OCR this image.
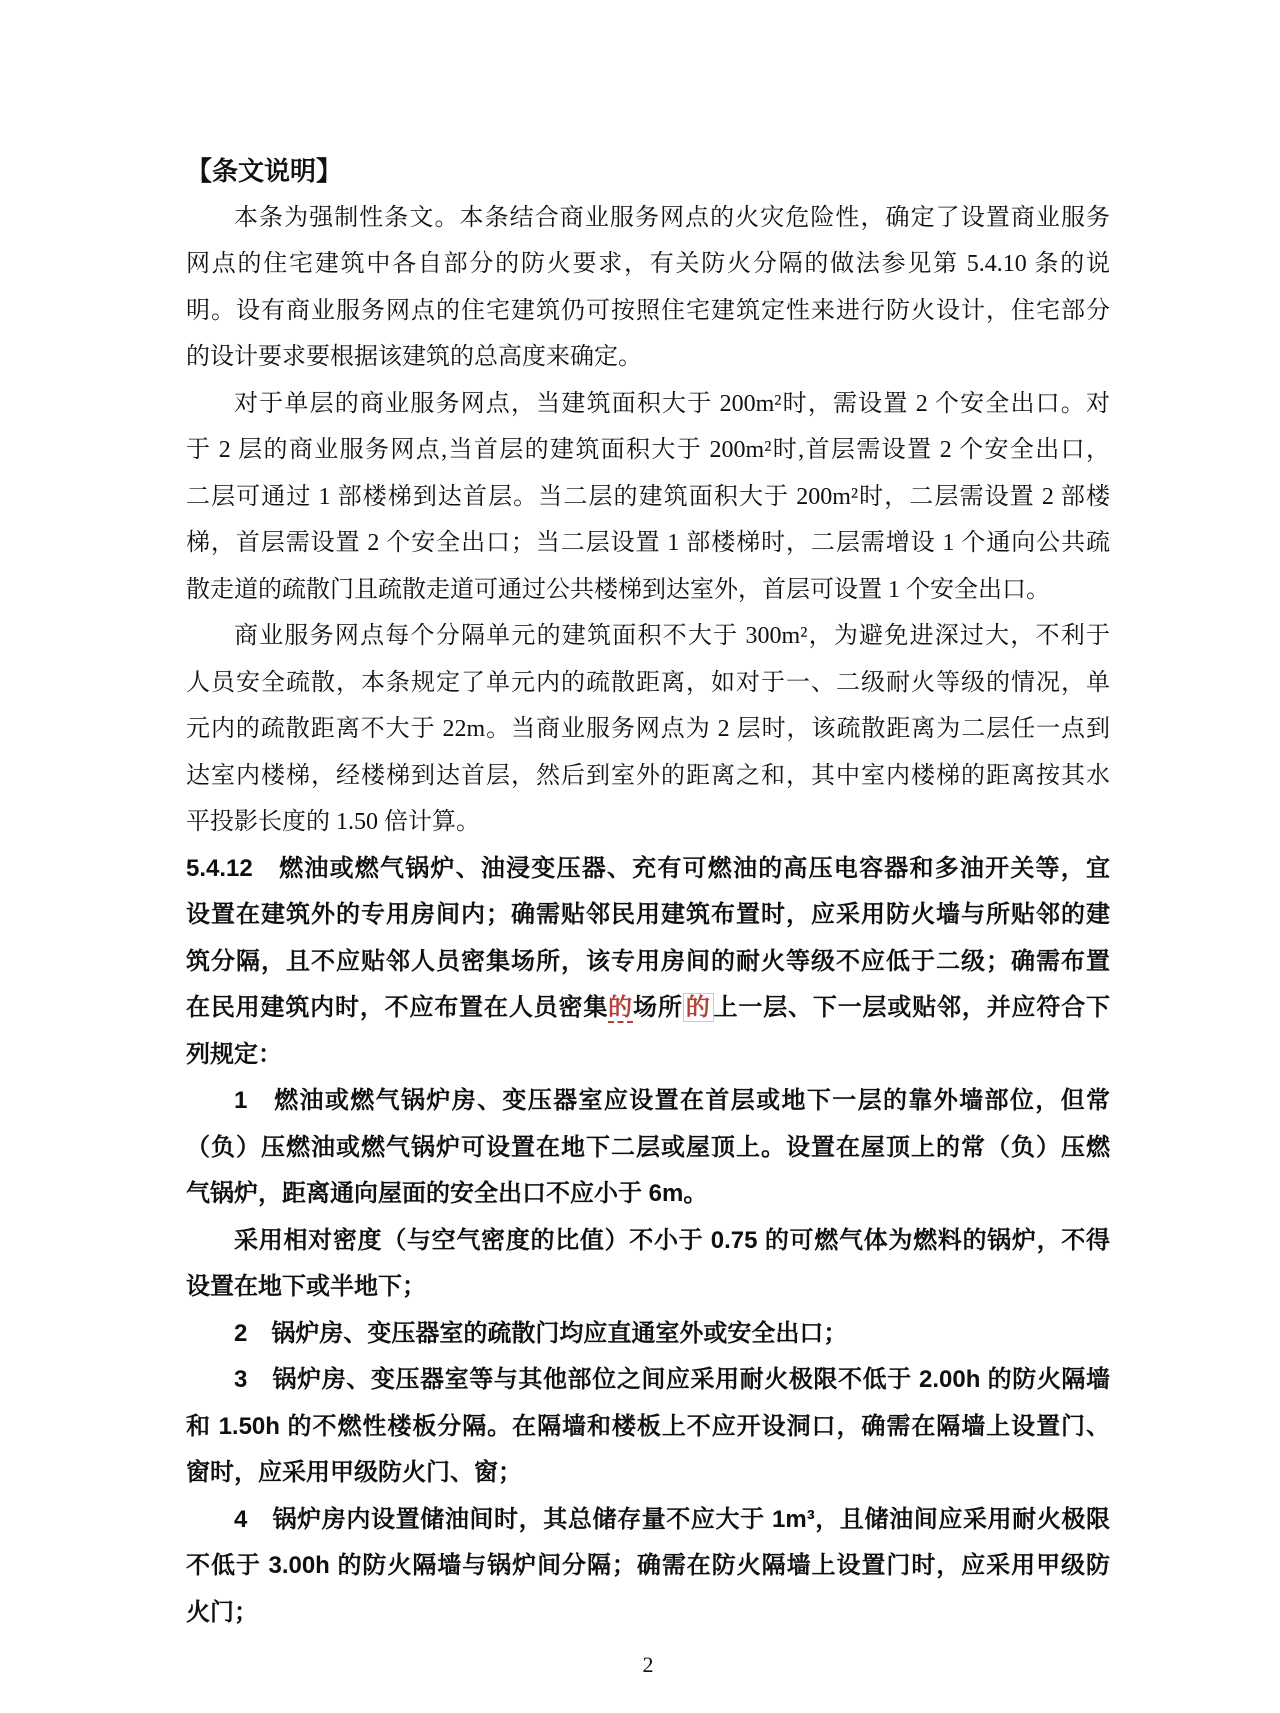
【条文说明】
本条为强制性条文。本条结合商业服务网点的火灾危险性，确定了设置商业服务
网点的住宅建筑中各自部分的防火要求，有关防火分隔的做法参见第 5.4.10 条的说
明。设有商业服务网点的住宅建筑仍可按照住宅建筑定性来进行防火设计，住宅部分
的设计要求要根据该建筑的总高度来确定。
对于单层的商业服务网点，当建筑面积大于 200m²时，需设置 2 个安全出口。对
于 2 层的商业服务网点,当首层的建筑面积大于 200m²时,首层需设置 2 个安全出口，
二层可通过 1 部楼梯到达首层。当二层的建筑面积大于 200m²时，二层需设置 2 部楼
梯，首层需设置 2 个安全出口；当二层设置 1 部楼梯时，二层需增设 1 个通向公共疏
散走道的疏散门且疏散走道可通过公共楼梯到达室外，首层可设置 1 个安全出口。
商业服务网点每个分隔单元的建筑面积不大于 300m²，为避免进深过大，不利于
人员安全疏散，本条规定了单元内的疏散距离，如对于一、二级耐火等级的情况，单
元内的疏散距离不大于 22m。当商业服务网点为 2 层时，该疏散距离为二层任一点到
达室内楼梯，经楼梯到达首层，然后到室外的距离之和，其中室内楼梯的距离按其水
平投影长度的 1.50 倍计算。
5.4.12　燃油或燃气锅炉、油浸变压器、充有可燃油的高压电容器和多油开关等，宜
设置在建筑外的专用房间内；确需贴邻民用建筑布置时，应采用防火墙与所贴邻的建
筑分隔，且不应贴邻人员密集场所，该专用房间的耐火等级不应低于二级；确需布置
在民用建筑内时，不应布置在人员密集的场所 的 上一层、下一层或贴邻，并应符合下
列规定：
1　燃油或燃气锅炉房、变压器室应设置在首层或地下一层的靠外墙部位，但常
（负）压燃油或燃气锅炉可设置在地下二层或屋顶上。设置在屋顶上的常（负）压燃
气锅炉，距离通向屋面的安全出口不应小于 6m。
采用相对密度（与空气密度的比值）不小于 0.75 的可燃气体为燃料的锅炉，不得
设置在地下或半地下；
2　锅炉房、变压器室的疏散门均应直通室外或安全出口；
3　锅炉房、变压器室等与其他部位之间应采用耐火极限不低于 2.00h 的防火隔墙
和 1.50h 的不燃性楼板分隔。在隔墙和楼板上不应开设洞口，确需在隔墙上设置门、
窗时，应采用甲级防火门、窗；
4　锅炉房内设置储油间时，其总储存量不应大于 1m³，且储油间应采用耐火极限
不低于 3.00h 的防火隔墙与锅炉间分隔；确需在防火隔墙上设置门时，应采用甲级防
火门；
2
